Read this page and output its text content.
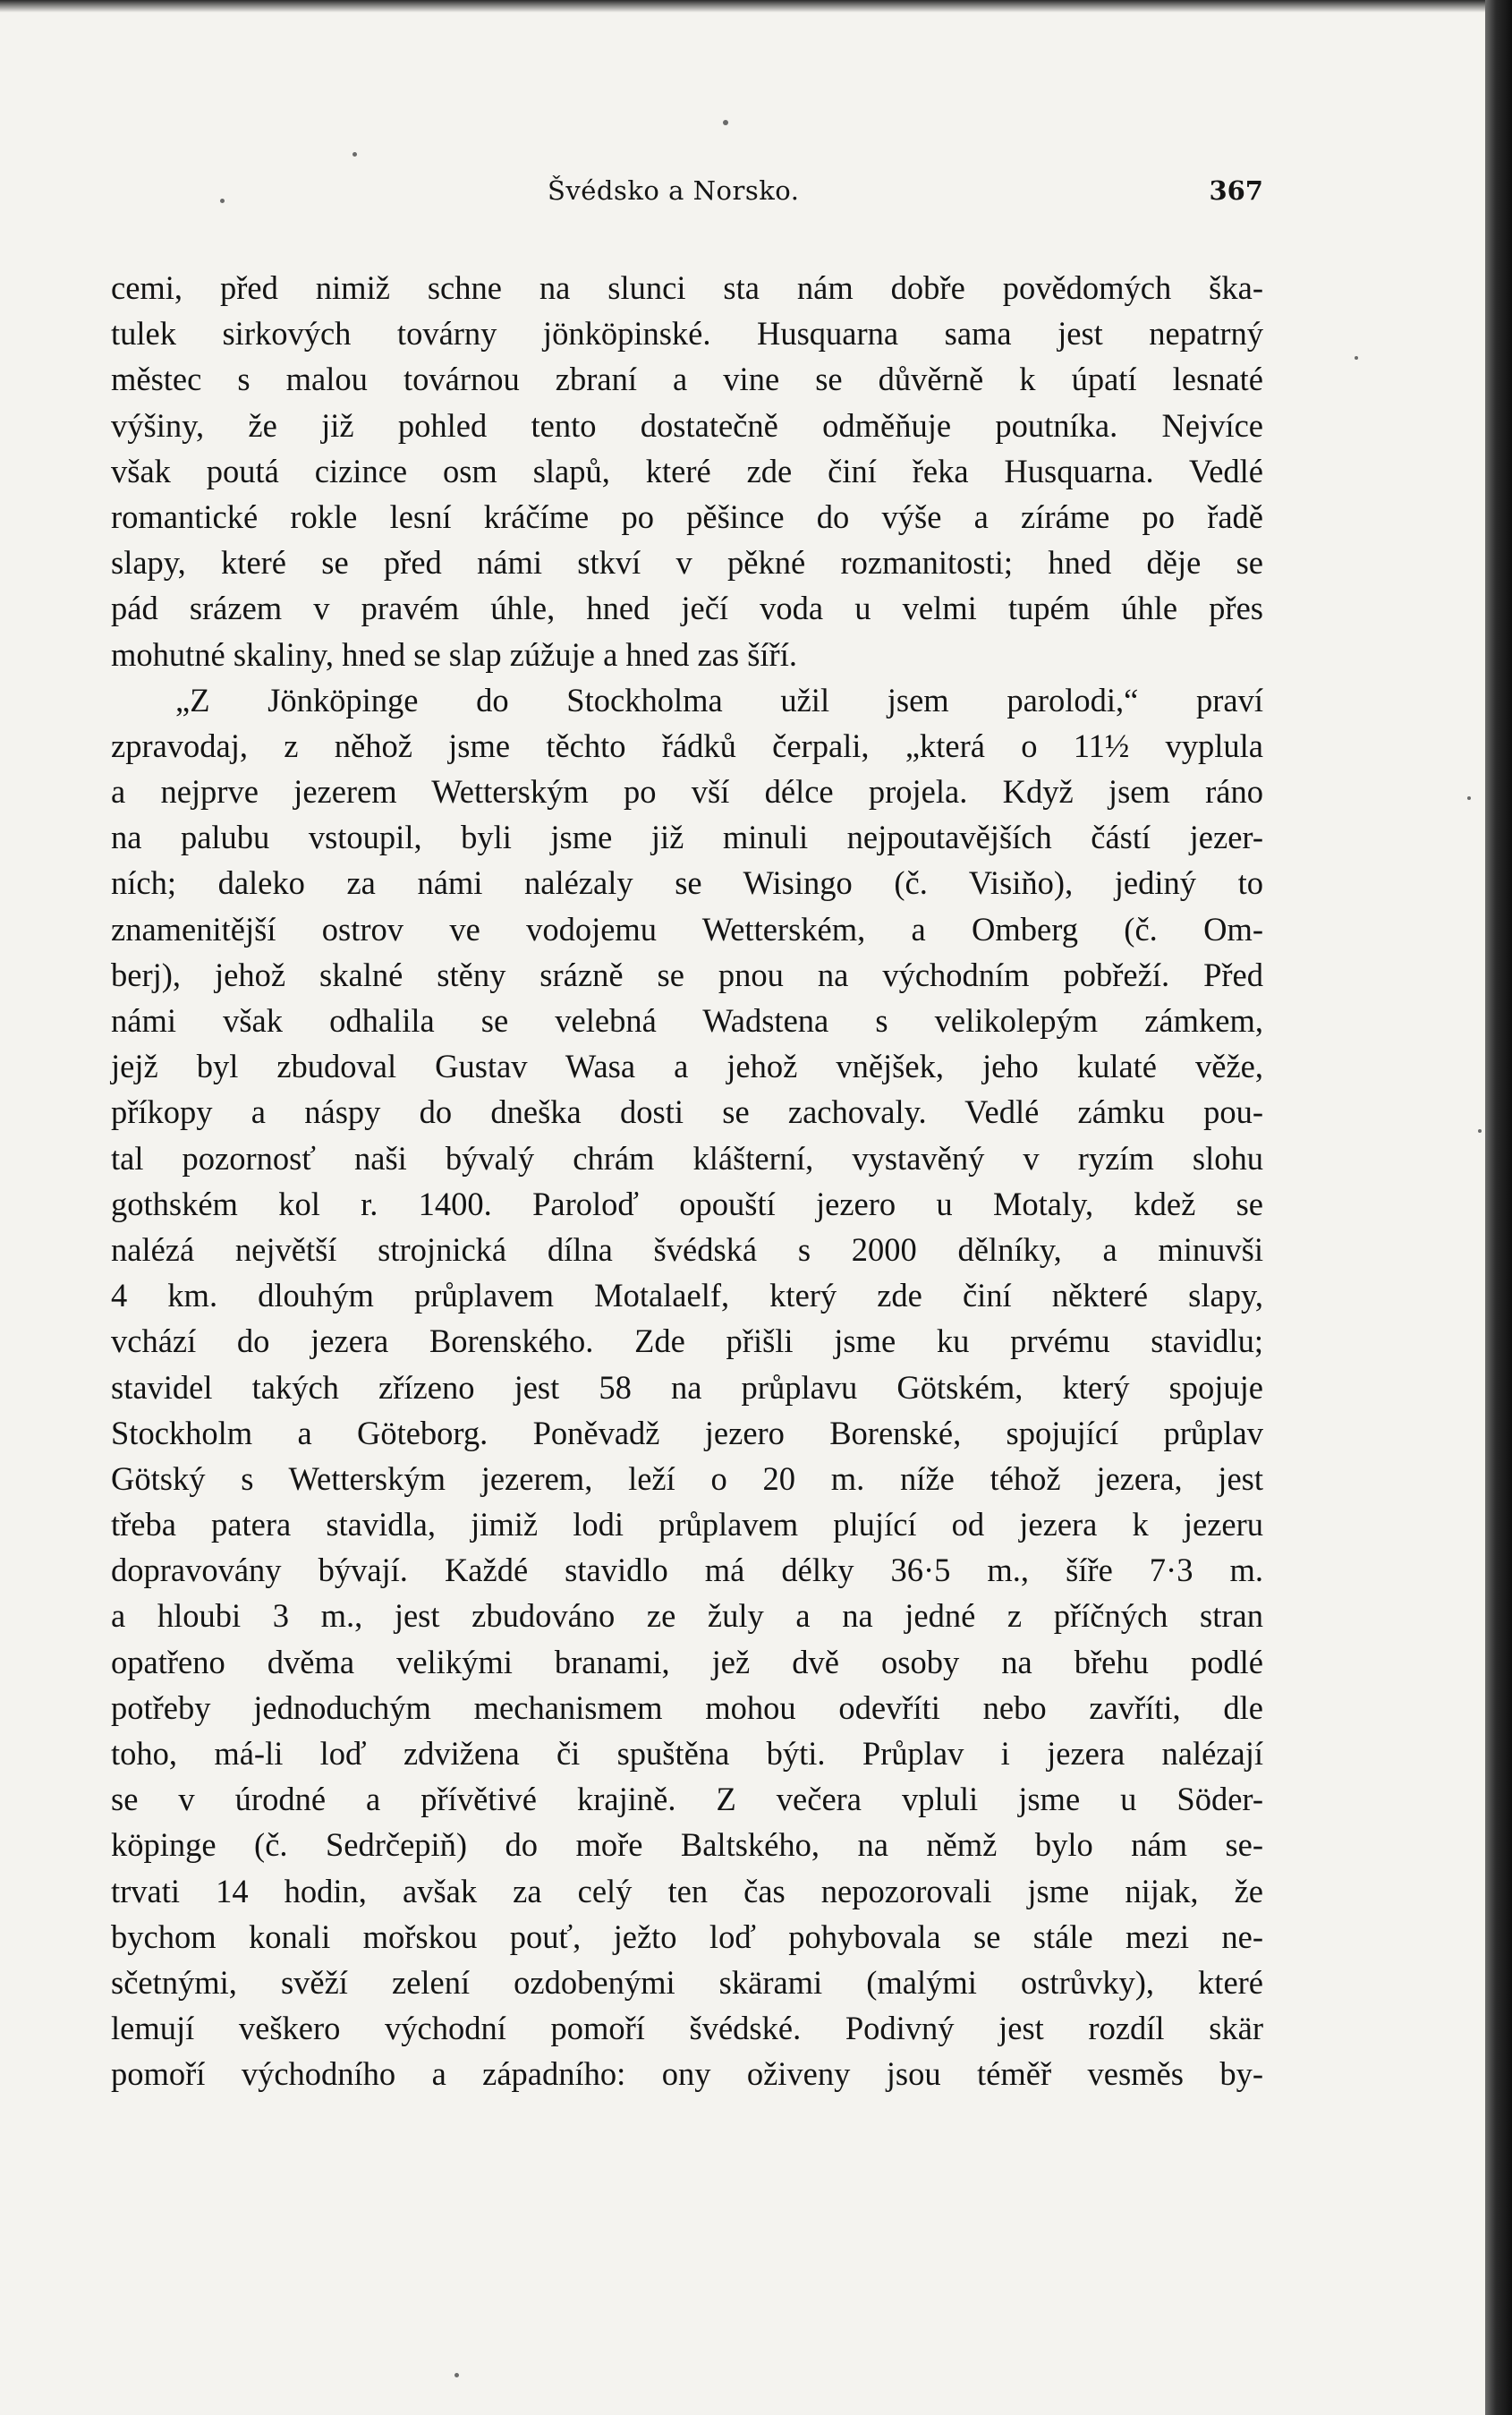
Švédsko a Norsko.	367
cemi, před nimiž schne na slunci sta nám dobře povědomých ška-
tulek sirkových továrny jönköpinské. Husquarna sama jest nepatrný
městec s malou továrnou zbraní a vine se důvěrně k úpatí lesnaté
výšiny, že již pohled tento dostatečně odměňuje poutníka. Nejvíce
však poutá cizince osm slapů, které zde činí řeka Husquarna. Vedlé
romantické rokle lesní kráčíme po pěšince do výše a zíráme po řadě
slapy, které se před námi stkví v pěkné rozmanitosti; hned děje se
pád srázem v pravém úhle, hned ječí voda u velmi tupém úhle přes
mohutné skaliny, hned se slap zúžuje a hned zas šíří.
„Z Jönköpinge do Stockholma užil jsem parolodi,“ praví
zpravodaj, z něhož jsme těchto řádků čerpali, „která o 11½ vyplula
a nejprve jezerem Wetterským po vší délce projela. Když jsem ráno
na palubu vstoupil, byli jsme již minuli nejpoutavějších částí jezer-
ních; daleko za námi nalézaly se Wisingo (č. Visiňo), jediný to
znamenitější ostrov ve vodojemu Wetterském, a Omberg (č. Om-
berj), jehož skalné stěny srázně se pnou na východním pobřeží. Před
námi však odhalila se velebná Wadstena s velikolepým zámkem,
jejž byl zbudoval Gustav Wasa a jehož vnějšek, jeho kulaté věže,
příkopy a náspy do dneška dosti se zachovaly. Vedlé zámku pou-
tal pozornosť naši bývalý chrám klášterní, vystavěný v ryzím slohu
gothském kol r. 1400. Paroloď opouští jezero u Motaly, kdež se
nalézá největší strojnická dílna švédská s 2000 dělníky, a minuvši
4 km. dlouhým průplavem Motalaelf, který zde činí některé slapy,
vchází do jezera Borenského. Zde přišli jsme ku prvému stavidlu;
stavidel takých zřízeno jest 58 na průplavu Götském, který spojuje
Stockholm a Göteborg. Poněvadž jezero Borenské, spojující průplav
Götský s Wetterským jezerem, leží o 20 m. níže téhož jezera, jest
třeba patera stavidla, jimiž lodi průplavem plující od jezera k jezeru
dopravovány bývají. Každé stavidlo má délky 36·5 m., šíře 7·3 m.
a hloubi 3 m., jest zbudováno ze žuly a na jedné z příčných stran
opatřeno dvěma velikými branami, jež dvě osoby na břehu podlé
potřeby jednoduchým mechanismem mohou odevříti nebo zavříti, dle
toho, má-li loď zdvižena či spuštěna býti. Průplav i jezera nalézají
se v úrodné a přívětivé krajině. Z večera vpluli jsme u Söder-
köpinge (č. Sedrčepiň) do moře Baltského, na němž bylo nám se-
trvati 14 hodin, avšak za celý ten čas nepozorovali jsme nijak, že
bychom konali mořskou pouť, ježto loď pohybovala se stále mezi ne-
sčetnými, svěží zelení ozdobenými skärami (malými ostrůvky), které
lemují veškero východní pomoří švédské. Podivný jest rozdíl skär
pomoří východního a západního: ony oživeny jsou téměř vesměs by-
